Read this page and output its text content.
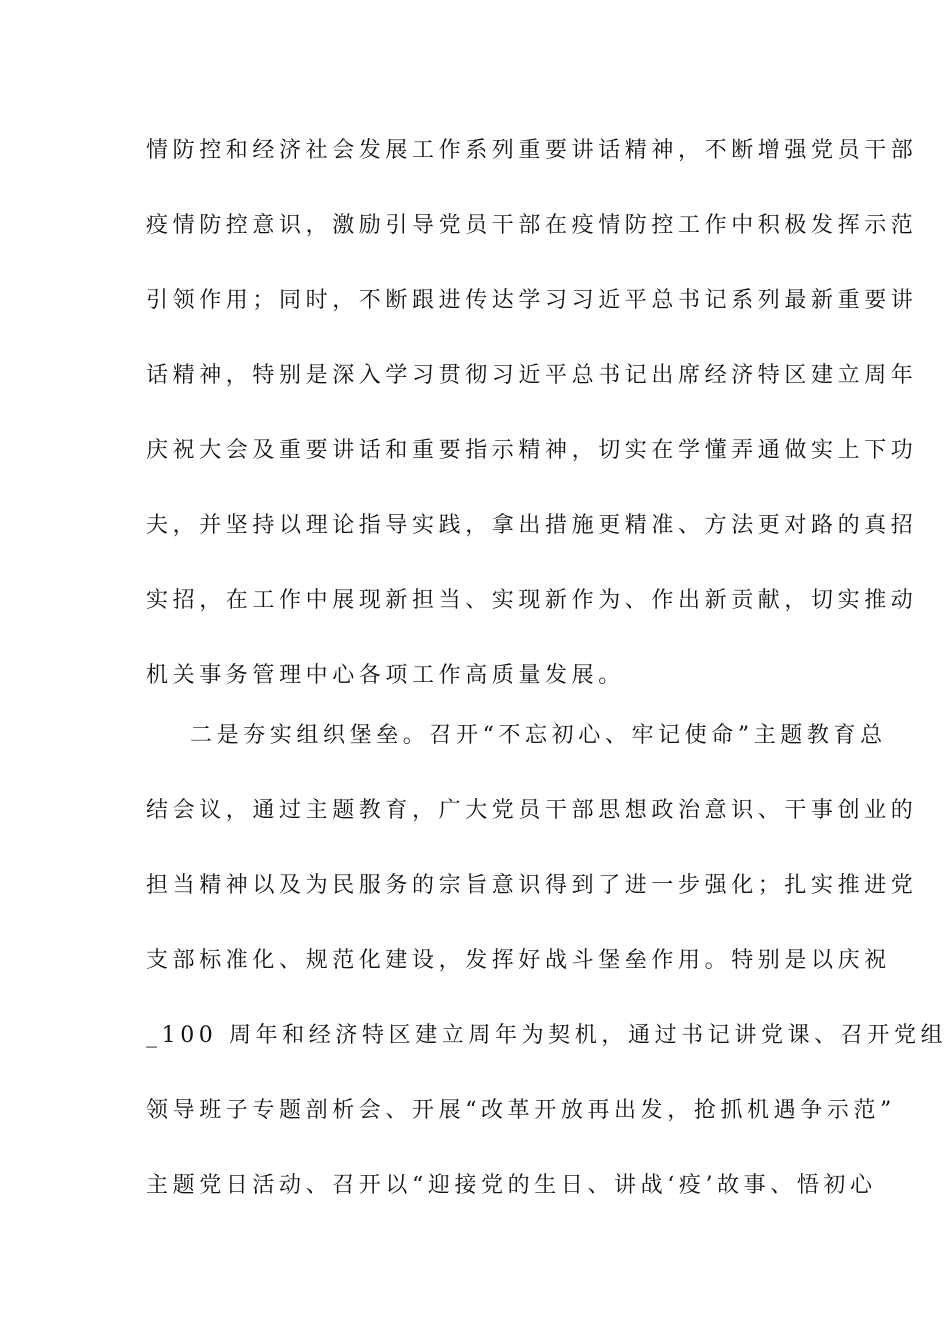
情防控和经济社会发展工作系列重要讲话精神，不断增强党员干部
疫情防控意识，激励引导党员干部在疫情防控工作中积极发挥示范
引领作用；同时，不断跟进传达学习习近平总书记系列最新重要讲
话精神，特别是深入学习贯彻习近平总书记出席经济特区建立周年
庆祝大会及重要讲话和重要指示精神，切实在学懂弄通做实上下功
夫，并坚持以理论指导实践，拿出措施更精准、方法更对路的真招
实招，在工作中展现新担当、实现新作为、作出新贡献，切实推动
机关事务管理中心各项工作高质量发展。
二是夯实组织堡垒。召开“不忘初心、牢记使命”主题教育总
结会议，通过主题教育，广大党员干部思想政治意识、干事创业的
担当精神以及为民服务的宗旨意识得到了进一步强化；扎实推进党
支部标准化、规范化建设，发挥好战斗堡垒作用。特别是以庆祝
_100 周年和经济特区建立周年为契机，通过书记讲党课、召开党组
领导班子专题剖析会、开展“改革开放再出发，抢抓机遇争示范”
主题党日活动、召开以“迎接党的生日、讲战‘疫’故事、悟初心
